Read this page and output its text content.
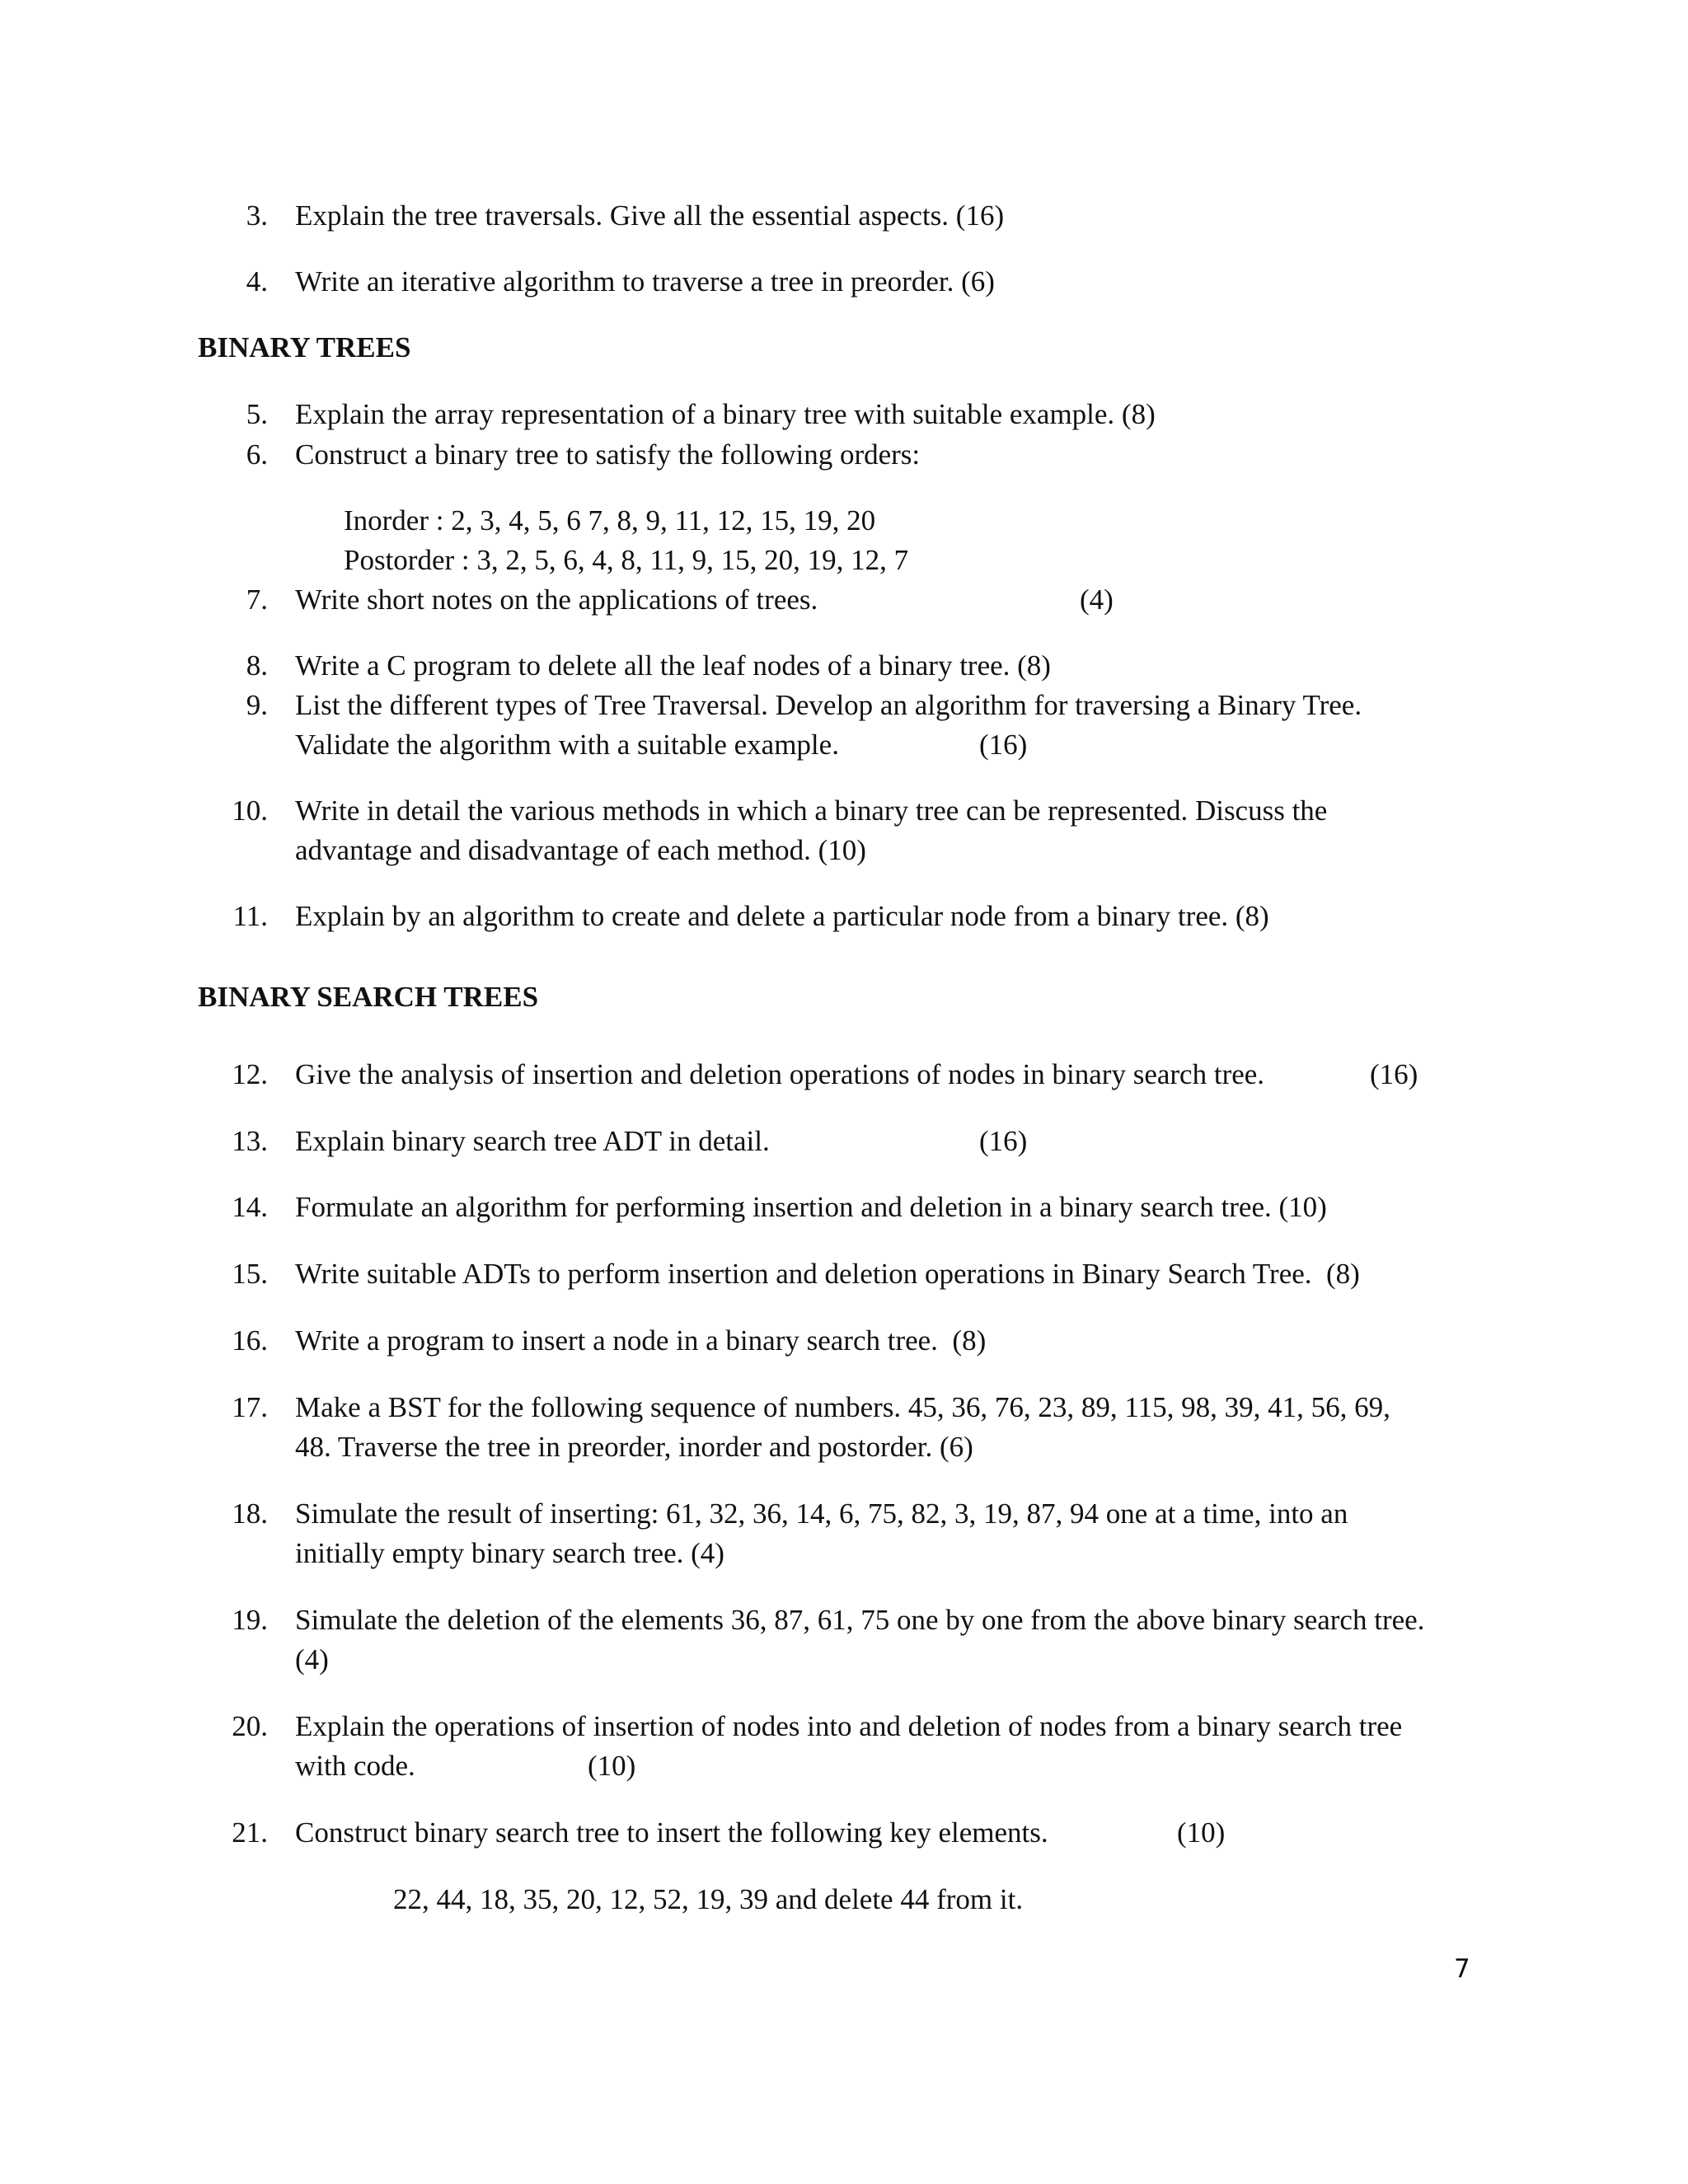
3. Explain the tree traversals. Give all the essential aspects. (16)
4. Write an iterative algorithm to traverse a tree in preorder. (6)
BINARY TREES
5. Explain the array representation of a binary tree with suitable example. (8)
6. Construct a binary tree to satisfy the following orders:
Inorder : 2, 3, 4, 5, 6 7, 8, 9, 11, 12, 15, 19, 20
Postorder : 3, 2, 5, 6, 4, 8, 11, 9, 15, 20, 19, 12, 7
7. Write short notes on the applications of trees.	(4)
8. Write a C program to delete all the leaf nodes of a binary tree. (8)
9. List the different types of Tree Traversal. Develop an algorithm for traversing a Binary Tree.
Validate the algorithm with a suitable example.	(16)
10. Write in detail the various methods in which a binary tree can be represented. Discuss the
advantage and disadvantage of each method. (10)
11. Explain by an algorithm to create and delete a particular node from a binary tree. (8)
BINARY SEARCH TREES
12. Give the analysis of insertion and deletion operations of nodes in binary search tree.	(16)
13. Explain binary search tree ADT in detail.	(16)
14. Formulate an algorithm for performing insertion and deletion in a binary search tree. (10)
15. Write suitable ADTs to perform insertion and deletion operations in Binary Search Tree.  (8)
16. Write a program to insert a node in a binary search tree.  (8)
17. Make a BST for the following sequence of numbers. 45, 36, 76, 23, 89, 115, 98, 39, 41, 56, 69,
48. Traverse the tree in preorder, inorder and postorder. (6)
18. Simulate the result of inserting: 61, 32, 36, 14, 6, 75, 82, 3, 19, 87, 94 one at a time, into an
initially empty binary search tree. (4)
19. Simulate the deletion of the elements 36, 87, 61, 75 one by one from the above binary search tree.
(4)
20. Explain the operations of insertion of nodes into and deletion of nodes from a binary search tree
with code.	(10)
21. Construct binary search tree to insert the following key elements.	(10)
22, 44, 18, 35, 20, 12, 52, 19, 39 and delete 44 from it.
7
